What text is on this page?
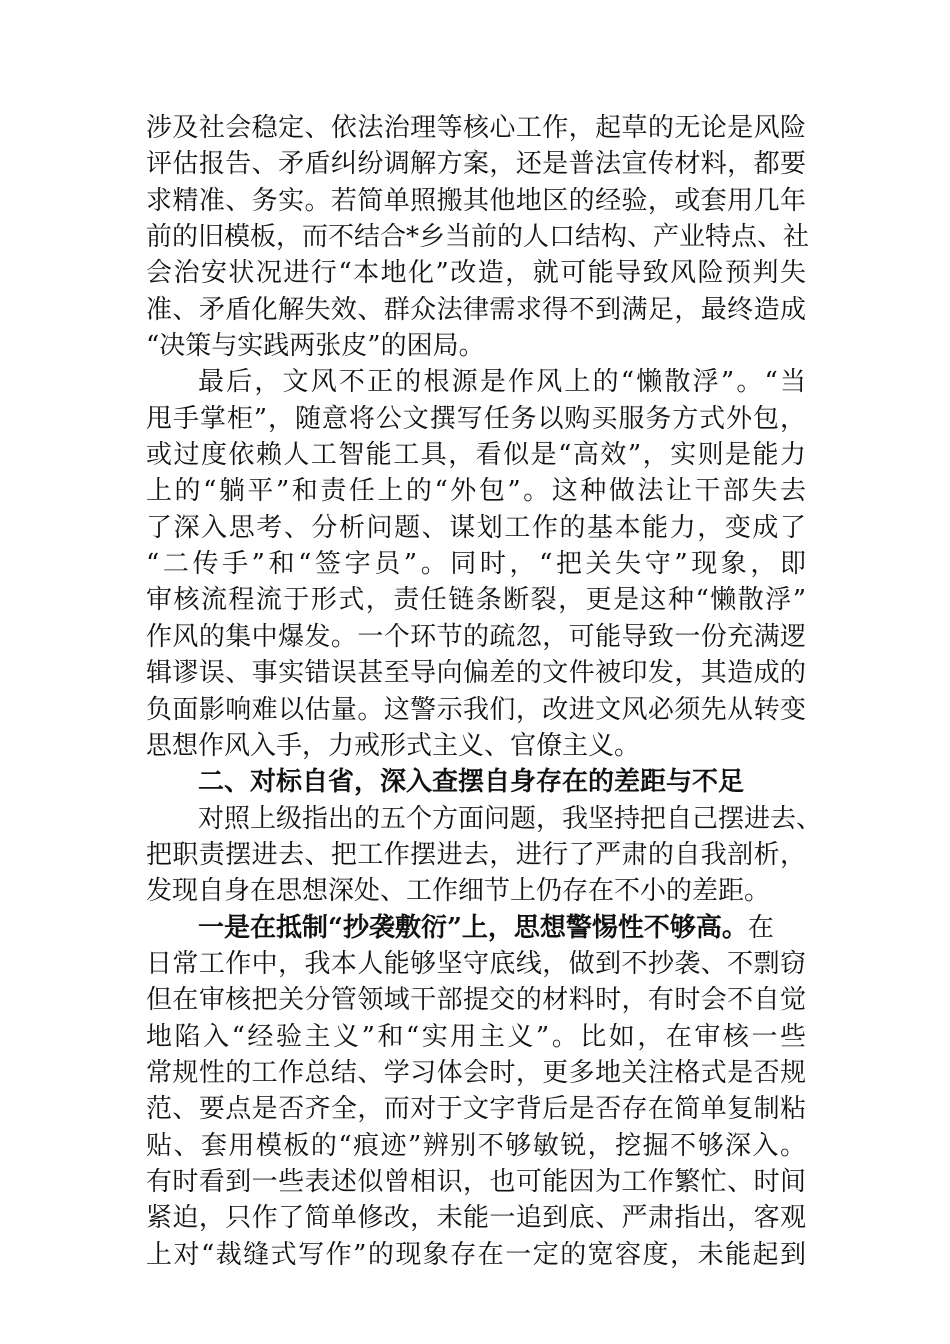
涉及社会稳定、依法治理等核心工作，起草的无论是风险
评估报告、矛盾纠纷调解方案，还是普法宣传材料，都要
求精准、务实。若简单照搬其他地区的经验，或套用几年
前的旧模板，而不结合*乡当前的人口结构、产业特点、社
会治安状况进行“本地化”改造，就可能导致风险预判失
准、矛盾化解失效、群众法律需求得不到满足，最终造成
“决策与实践两张皮”的困局。
最后，文风不正的根源是作风上的“懒散浮”。“当
甩手掌柜”，随意将公文撰写任务以购买服务方式外包，
或过度依赖人工智能工具，看似是“高效”，实则是能力
上的“躺平”和责任上的“外包”。这种做法让干部失去
了深入思考、分析问题、谋划工作的基本能力，变成了
“二传手”和“签字员”。同时，“把关失守”现象，即
审核流程流于形式，责任链条断裂，更是这种“懒散浮”
作风的集中爆发。一个环节的疏忽，可能导致一份充满逻
辑谬误、事实错误甚至导向偏差的文件被印发，其造成的
负面影响难以估量。这警示我们，改进文风必须先从转变
思想作风入手，力戒形式主义、官僚主义。
二、对标自省，深入查摆自身存在的差距与不足
对照上级指出的五个方面问题，我坚持把自己摆进去、
把职责摆进去、把工作摆进去，进行了严肃的自我剖析，
发现自身在思想深处、工作细节上仍存在不小的差距。
一是在抵制“抄袭敷衍”上，思想警惕性不够高。在
日常工作中，我本人能够坚守底线，做到不抄袭、不剽窃
但在审核把关分管领域干部提交的材料时，有时会不自觉
地陷入“经验主义”和“实用主义”。比如，在审核一些
常规性的工作总结、学习体会时，更多地关注格式是否规
范、要点是否齐全，而对于文字背后是否存在简单复制粘
贴、套用模板的“痕迹”辨别不够敏锐，挖掘不够深入。
有时看到一些表述似曾相识，也可能因为工作繁忙、时间
紧迫，只作了简单修改，未能一追到底、严肃指出，客观
上对“裁缝式写作”的现象存在一定的宽容度，未能起到
